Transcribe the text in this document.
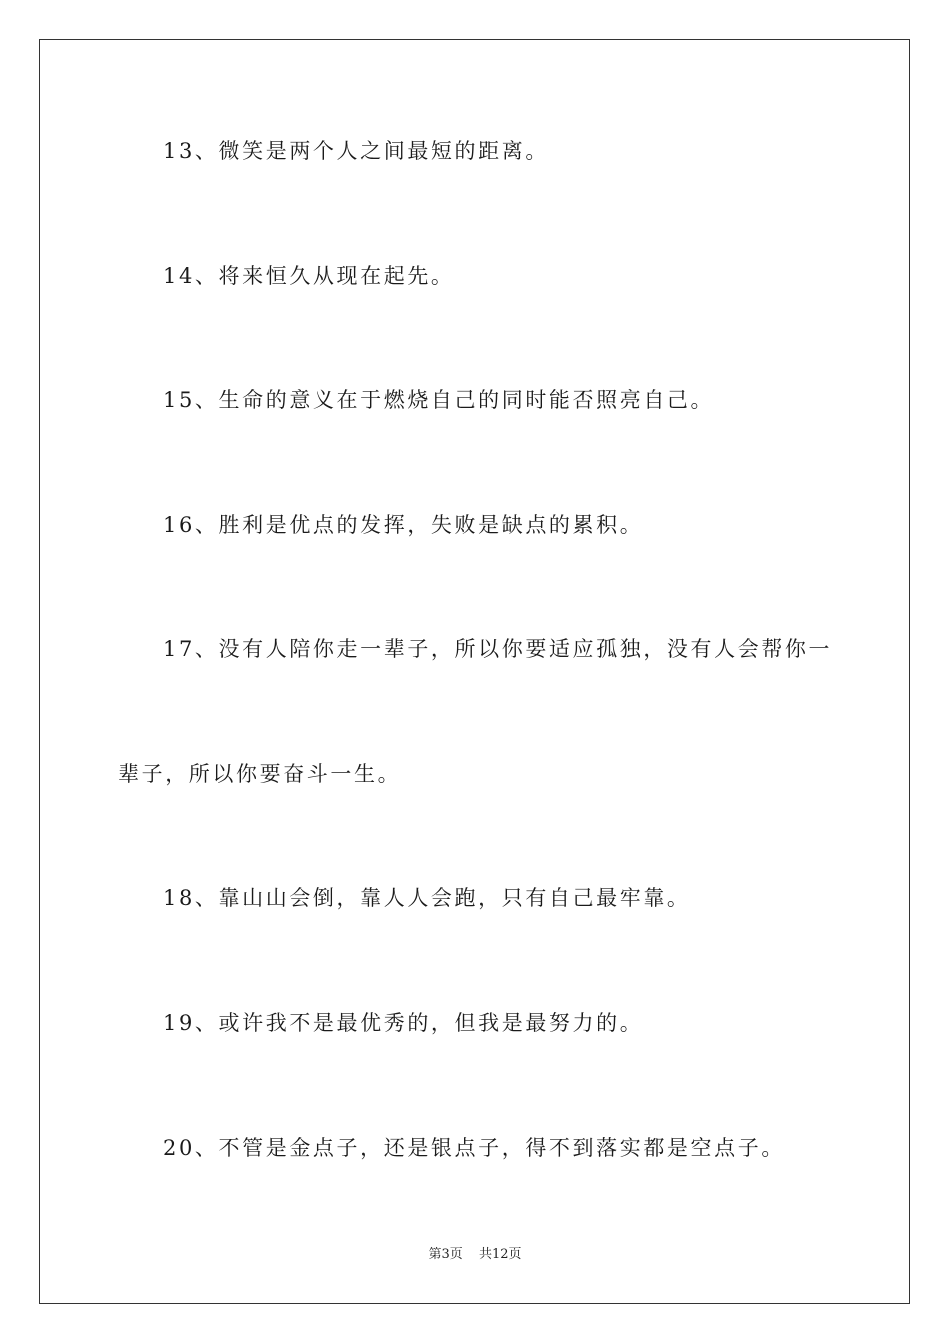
13、微笑是两个人之间最短的距离。
14、将来恒久从现在起先。
15、生命的意义在于燃烧自己的同时能否照亮自己。
16、胜利是优点的发挥，失败是缺点的累积。
17、没有人陪你走一辈子，所以你要适应孤独，没有人会帮你一
辈子，所以你要奋斗一生。
18、靠山山会倒，靠人人会跑，只有自己最牢靠。
19、或许我不是最优秀的，但我是最努力的。
20、不管是金点子，还是银点子，得不到落实都是空点子。
第3页 共12页
